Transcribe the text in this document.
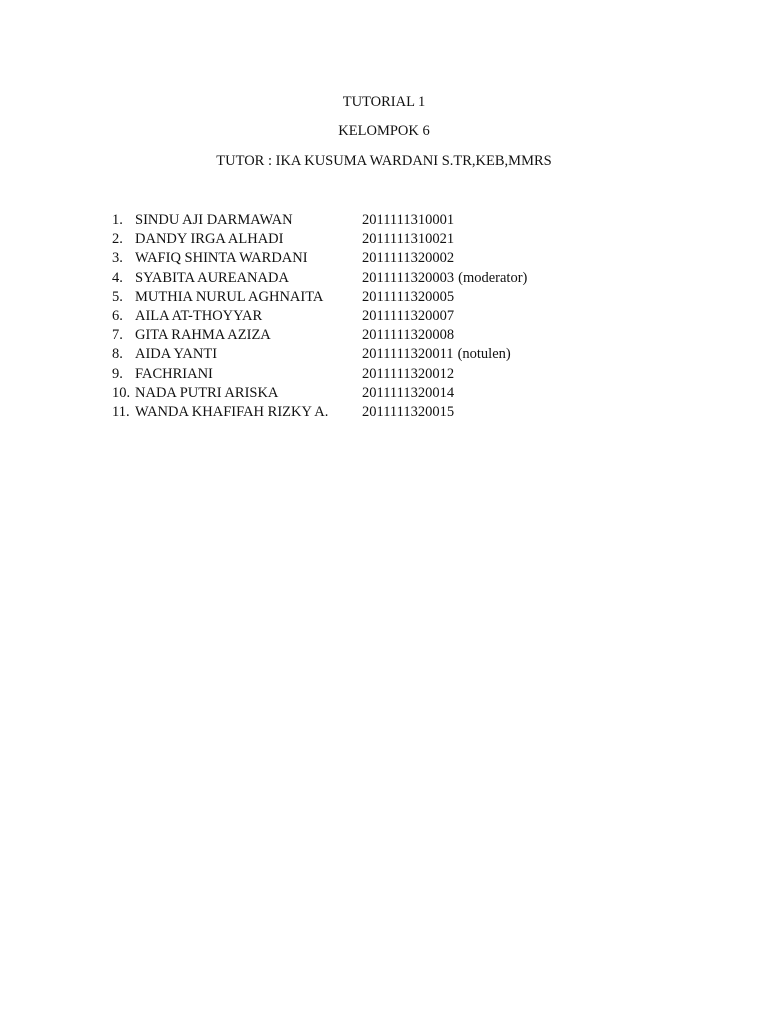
TUTORIAL 1
KELOMPOK 6
TUTOR : IKA KUSUMA WARDANI S.TR,KEB,MMRS
1. SINDU AJI DARMAWAN	2011111310001
2. DANDY IRGA ALHADI	2011111310021
3. WAFIQ SHINTA WARDANI	2011111320002
4. SYABITA AUREANADA	2011111320003 (moderator)
5. MUTHIA NURUL AGHNAITA	2011111320005
6. AILA AT-THOYYAR	2011111320007
7. GITA RAHMA AZIZA	2011111320008
8. AIDA YANTI	2011111320011 (notulen)
9. FACHRIANI	2011111320012
10. NADA PUTRI ARISKA	2011111320014
11. WANDA KHAFIFAH RIZKY A. 2011111320015
